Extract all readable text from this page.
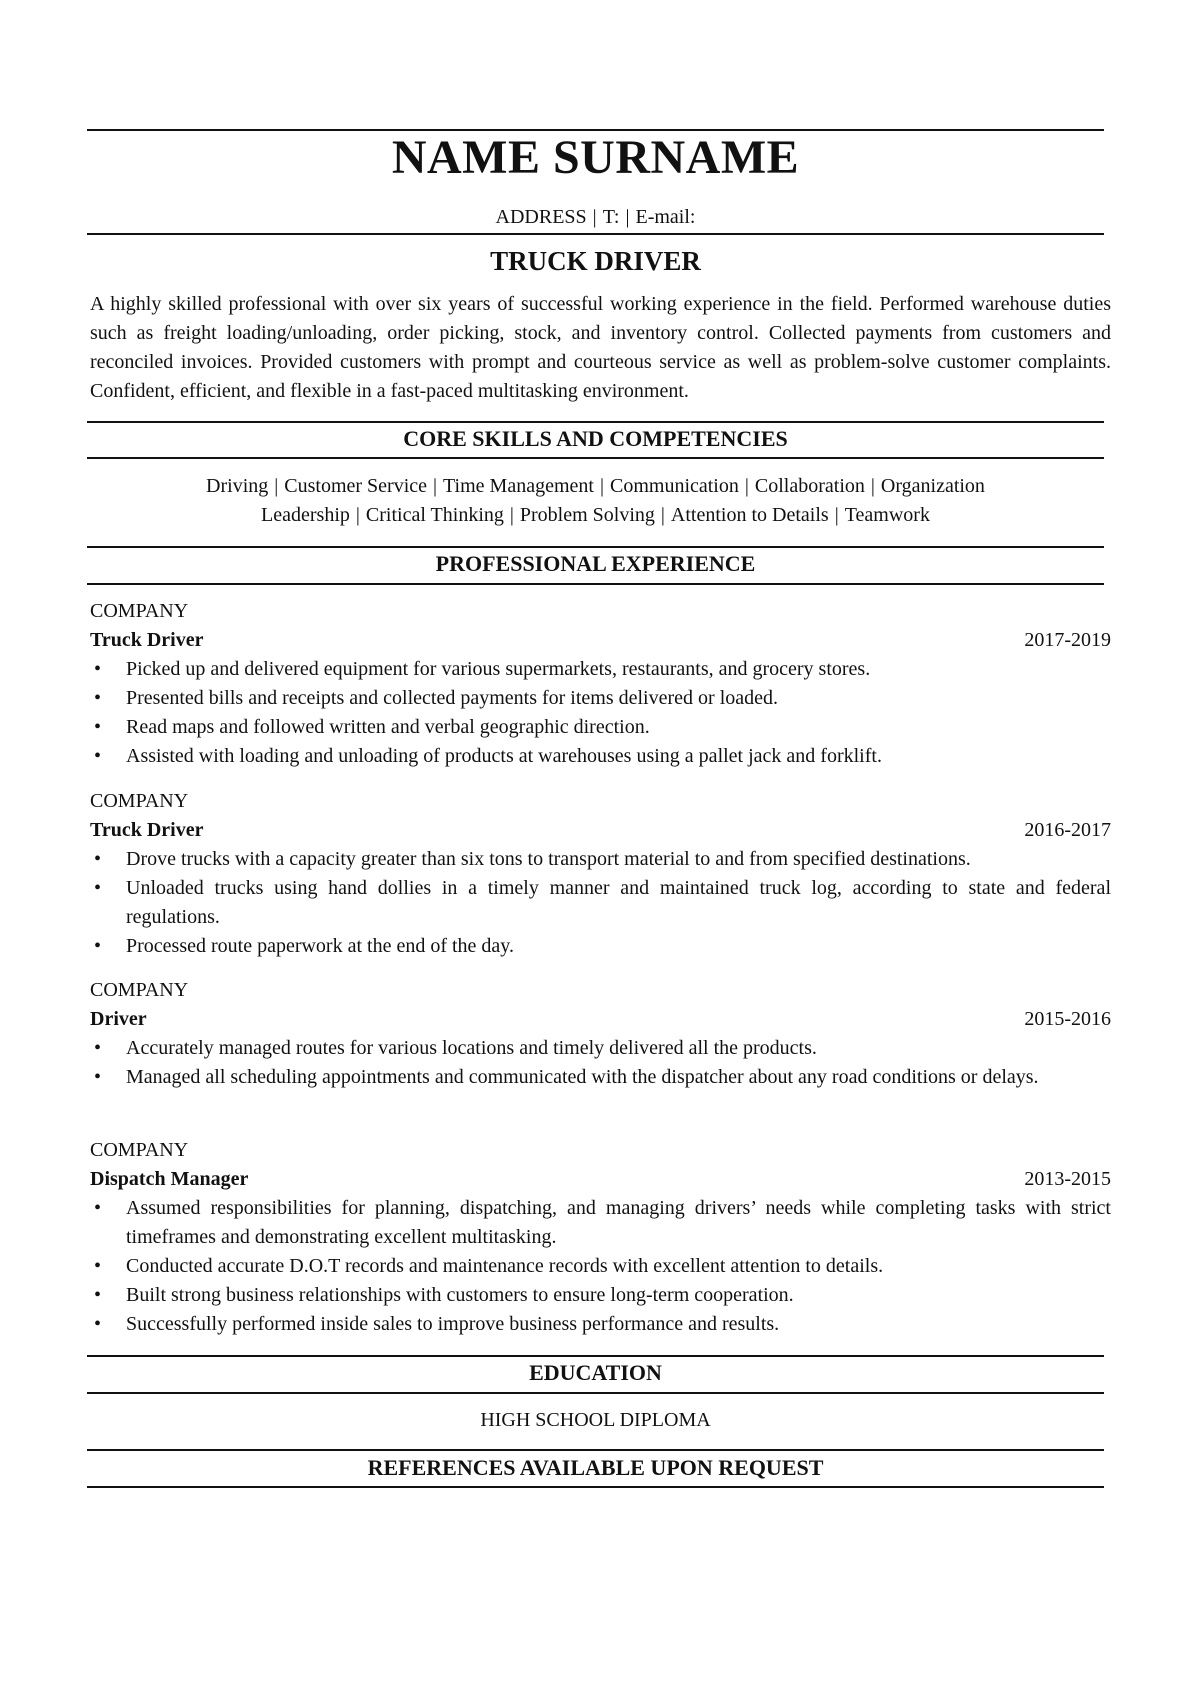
NAME SURNAME
ADDRESS | T: | E-mail:
TRUCK DRIVER
A highly skilled professional with over six years of successful working experience in the field. Performed warehouse duties such as freight loading/unloading, order picking, stock, and inventory control. Collected payments from customers and reconciled invoices. Provided customers with prompt and courteous service as well as problem-solve customer complaints. Confident, efficient, and flexible in a fast-paced multitasking environment.
CORE SKILLS AND COMPETENCIES
Driving | Customer Service | Time Management | Communication | Collaboration | Organization
Leadership | Critical Thinking | Problem Solving | Attention to Details | Teamwork
PROFESSIONAL EXPERIENCE
COMPANY
Truck Driver	2017-2019
• Picked up and delivered equipment for various supermarkets, restaurants, and grocery stores.
• Presented bills and receipts and collected payments for items delivered or loaded.
• Read maps and followed written and verbal geographic direction.
• Assisted with loading and unloading of products at warehouses using a pallet jack and forklift.
COMPANY
Truck Driver	2016-2017
• Drove trucks with a capacity greater than six tons to transport material to and from specified destinations.
• Unloaded trucks using hand dollies in a timely manner and maintained truck log, according to state and federal regulations.
• Processed route paperwork at the end of the day.
COMPANY
Driver	2015-2016
• Accurately managed routes for various locations and timely delivered all the products.
• Managed all scheduling appointments and communicated with the dispatcher about any road conditions or delays.
COMPANY
Dispatch Manager	2013-2015
• Assumed responsibilities for planning, dispatching, and managing drivers’ needs while completing tasks with strict timeframes and demonstrating excellent multitasking.
• Conducted accurate D.O.T records and maintenance records with excellent attention to details.
• Built strong business relationships with customers to ensure long-term cooperation.
• Successfully performed inside sales to improve business performance and results.
EDUCATION
HIGH SCHOOL DIPLOMA
REFERENCES AVAILABLE UPON REQUEST
